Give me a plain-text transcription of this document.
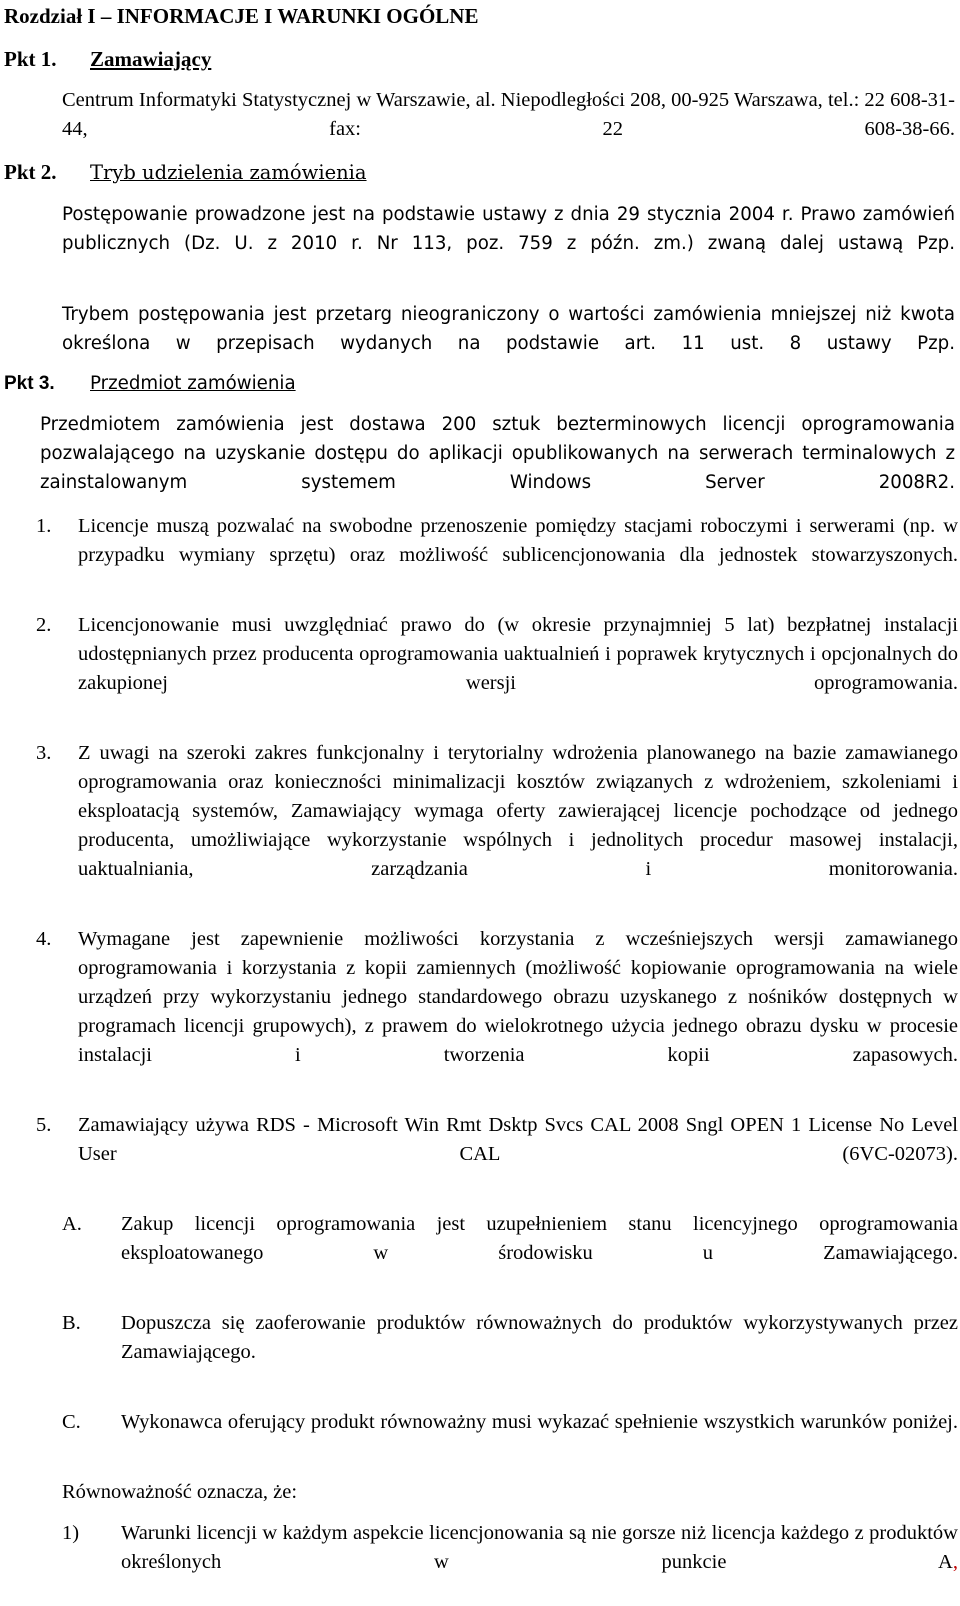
Rozdział I – INFORMACJE I WARUNKI OGÓLNE
Pkt 1. Zamawiający

Centrum Informatyki Statystycznej w Warszawie, al. Niepodległości 208, 00-925 Warszawa, tel.: 22 608-31-44, fax: 22 608-38-66.

Pkt 2. Tryb udzielenia zamówienia

Postępowanie prowadzone jest na podstawie ustawy z dnia 29 stycznia 2004 r. Prawo zamówień publicznych (Dz. U. z 2010 r. Nr 113, poz. 759 z późn. zm.) zwaną dalej ustawą Pzp.

Trybem postępowania jest przetarg nieograniczony o wartości zamówienia mniejszej niż kwota określona w przepisach wydanych na podstawie art. 11 ust. 8 ustawy Pzp.

Pkt 3. Przedmiot zamówienia

Przedmiotem zamówienia jest dostawa 200 sztuk bezterminowych licencji oprogramowania pozwalającego na uzyskanie dostępu do aplikacji opublikowanych na serwerach terminalowych z zainstalowanym systemem Windows Server 2008R2.

1. Licencje muszą pozwalać na swobodne przenoszenie pomiędzy stacjami roboczymi i serwerami (np. w przypadku wymiany sprzętu) oraz możliwość sublicencjonowania dla jednostek stowarzyszonych.

2. Licencjonowanie musi uwzględniać prawo do (w okresie przynajmniej 5 lat) bezpłatnej instalacji udostępnianych przez producenta oprogramowania uaktualnień i poprawek krytycznych i opcjonalnych do zakupionej wersji oprogramowania.

3. Z uwagi na szeroki zakres funkcjonalny i terytorialny wdrożenia planowanego na bazie zamawianego oprogramowania oraz konieczności minimalizacji kosztów związanych z wdrożeniem, szkoleniami i eksploatacją systemów, Zamawiający wymaga oferty zawierającej licencje pochodzące od jednego producenta, umożliwiające wykorzystanie wspólnych i jednolitych procedur masowej instalacji, uaktualniania, zarządzania i monitorowania.

4. Wymagane jest zapewnienie możliwości korzystania z wcześniejszych wersji zamawianego oprogramowania i korzystania z kopii zamiennych (możliwość kopiowanie oprogramowania na wiele urządzeń przy wykorzystaniu jednego standardowego obrazu uzyskanego z nośników dostępnych w programach licencji grupowych), z prawem do wielokrotnego użycia jednego obrazu dysku w procesie instalacji i tworzenia kopii zapasowych.

5. Zamawiający używa RDS - Microsoft Win Rmt Dsktp Svcs CAL 2008 Sngl OPEN 1 License No Level User CAL (6VC-02073).

A. Zakup licencji oprogramowania jest uzupełnieniem stanu licencyjnego oprogramowania eksploatowanego w środowisku u Zamawiającego.

B. Dopuszcza się zaoferowanie produktów równoważnych do produktów wykorzystywanych przez Zamawiającego.

C. Wykonawca oferujący produkt równoważny musi wykazać spełnienie wszystkich warunków poniżej.

Równoważność oznacza, że:

1) Warunki licencji w każdym aspekcie licencjonowania są nie gorsze niż licencja każdego z produktów określonych w punkcie A,
